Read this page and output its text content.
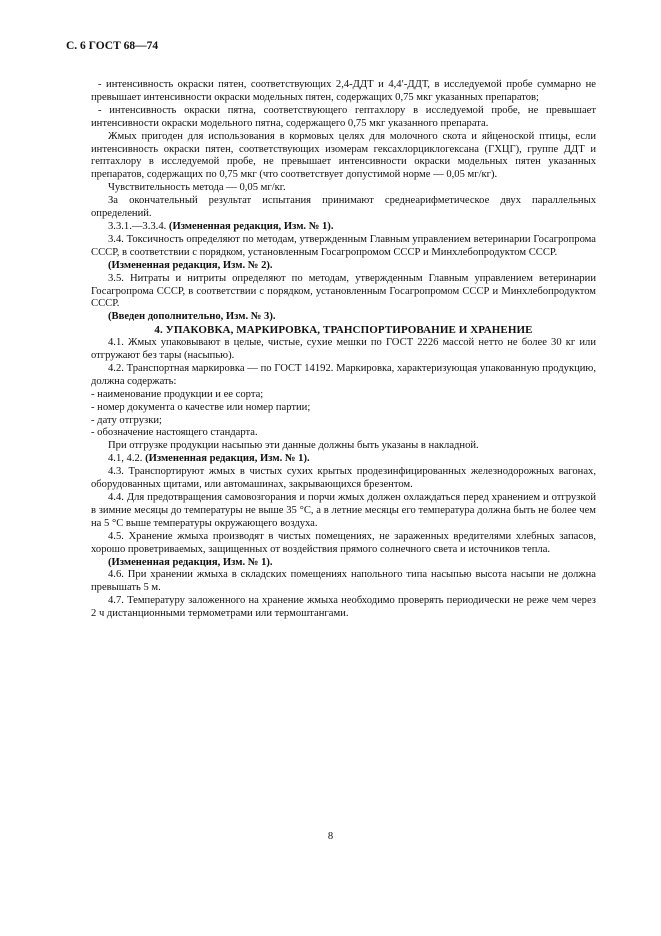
С. 6 ГОСТ 68—74

- интенсивность окраски пятен, соответствующих 2,4-ДДТ и 4,4′-ДДТ, в исследуемой пробе суммарно не превышает интенсивности окраски модельных пятен, содержащих 0,75 мкг указанных препаратов;

- интенсивность окраски пятна, соответствующего гептахлору в исследуемой пробе, не превышает интенсивности окраски модельного пятна, содержащего 0,75 мкг указанного препарата.

Жмых пригоден для использования в кормовых целях для молочного скота и яйценоской птицы, если интенсивность окраски пятен, соответствующих изомерам гексахлорциклогексана (ГХЦГ), группе ДДТ и гептахлору в исследуемой пробе, не превышает интенсивности окраски модельных пятен указанных препаратов, содержащих по 0,75 мкг (что соответствует допустимой норме — 0,05 мг/кг).

Чувствительность метода — 0,05 мг/кг.

За окончательный результат испытания принимают среднеарифметическое двух параллельных определений.

3.3.1.—3.3.4. (Измененная редакция, Изм. № 1).

3.4. Токсичность определяют по методам, утвержденным Главным управлением ветеринарии Госагропрома СССР, в соответствии с порядком, установленным Госагропромом СССР и Минхлебопродуктом СССР.

(Измененная редакция, Изм. № 2).

3.5. Нитраты и нитриты определяют по методам, утвержденным Главным управлением ветеринарии Госагропрома СССР, в соответствии с порядком, установленным Госагропромом СССР и Минхлебопродуктом СССР.

(Введен дополнительно, Изм. № 3).

4. УПАКОВКА, МАРКИРОВКА, ТРАНСПОРТИРОВАНИЕ И ХРАНЕНИЕ

4.1. Жмых упаковывают в целые, чистые, сухие мешки по ГОСТ 2226 массой нетто не более 30 кг или отгружают без тары (насыпью).

4.2. Транспортная маркировка — по ГОСТ 14192. Маркировка, характеризующая упакованную продукцию, должна содержать:

- наименование продукции и ее сорта;

- номер документа о качестве или номер партии;

- дату отгрузки;

- обозначение настоящего стандарта.

При отгрузке продукции насыпью эти данные должны быть указаны в накладной.

4.1, 4.2. (Измененная редакция, Изм. № 1).

4.3. Транспортируют жмых в чистых сухих крытых продезинфицированных железнодорожных вагонах, оборудованных щитами, или автомашинах, закрывающихся брезентом.

4.4. Для предотвращения самовозгорания и порчи жмых должен охлаждаться перед хранением и отгрузкой в зимние месяцы до температуры не выше 35 °С, а в летние месяцы его температура должна быть не более чем на 5 °С выше температуры окружающего воздуха.

4.5. Хранение жмыха производят в чистых помещениях, не зараженных вредителями хлебных запасов, хорошо проветриваемых, защищенных от воздействия прямого солнечного света и источников тепла.

(Измененная редакция, Изм. № 1).

4.6. При хранении жмыха в складских помещениях напольного типа насыпью высота насыпи не должна превышать 5 м.

4.7. Температуру заложенного на хранение жмыха необходимо проверять периодически не реже чем через 2 ч дистанционными термометрами или термоштангами.

8
